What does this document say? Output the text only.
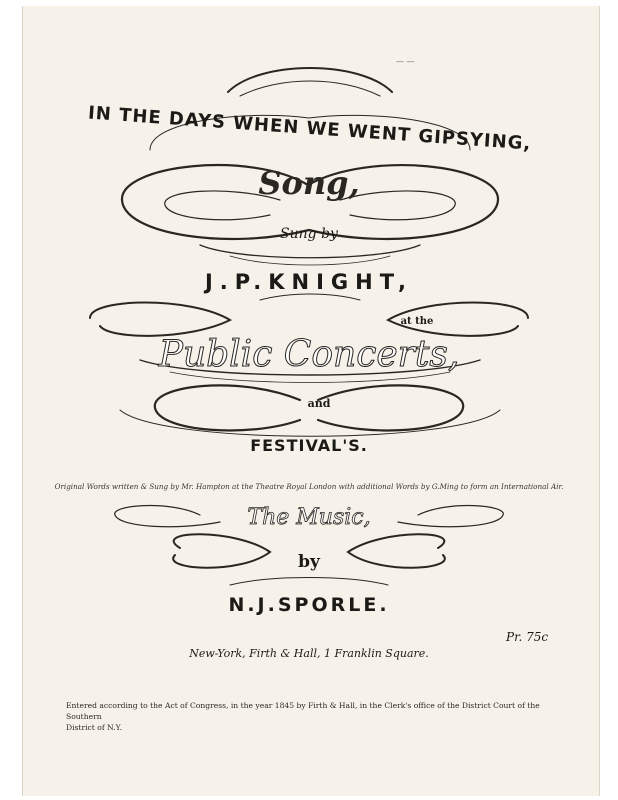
— —
IN THE DAYS WHEN WE WENT GIPSYING,
Song,
Sung by
J.P.KNIGHT,
at the
Public Concerts,
and
FESTIVAL'S.
Original Words written & Sung by Mr. Hampton at the Theatre Royal London with additional Words by G.Ming to form an International Air.
The Music,
by
N.J.SPORLE.
Pr. 75c
New-York, Firth & Hall, 1 Franklin Square.
Entered according to the Act of Congress, in the year 1845 by Firth & Hall, in the Clerk's office of the District Court of the Southern
District of N.Y.
